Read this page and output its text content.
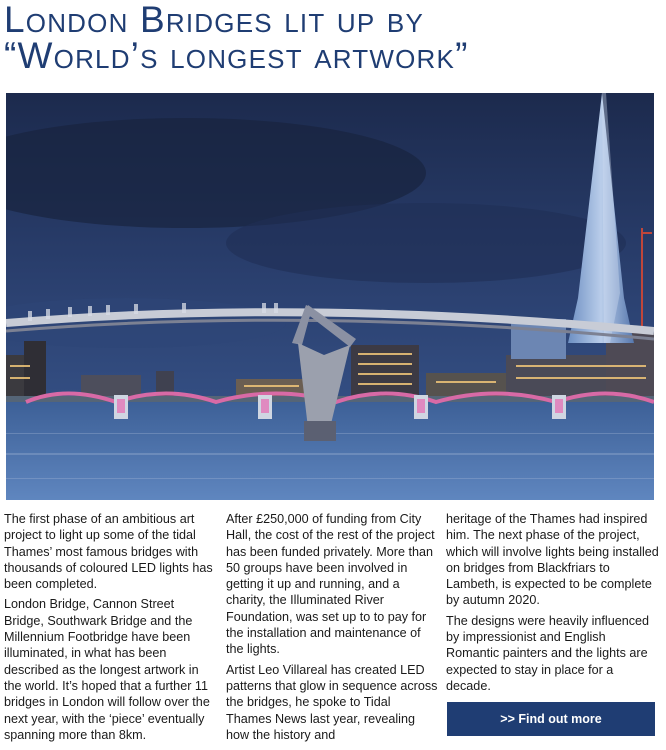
London Bridges lit up by
“World’s longest artwork”

The first phase of an ambitious art project to light up some of the tidal Thames’ most famous bridges with thousands of coloured LED lights has been completed.

London Bridge, Cannon Street Bridge, Southwark Bridge and the Millennium Footbridge have been illuminated, in what has been described as the longest artwork in the world. It’s hoped that a further 11 bridges in London will follow over the next year, with the ‘piece’ eventually spanning more than 8km.

After £250,000 of funding from City Hall, the cost of the rest of the project has been funded privately. More than 50 groups have been involved in getting it up and running, and a charity, the Illuminated River Foundation, was set up to to pay for the installation and maintenance of the lights.

Artist Leo Villareal has created LED patterns that glow in sequence across the bridges, he spoke to Tidal Thames News last year, revealing how the history and

heritage of the Thames had inspired him. The next phase of the project, which will involve lights being installed on bridges from Blackfriars to Lambeth, is expected to be complete by autumn 2020.

The designs were heavily influenced by impressionist and English Romantic painters and the lights are expected to stay in place for a decade.

>> Find out more
